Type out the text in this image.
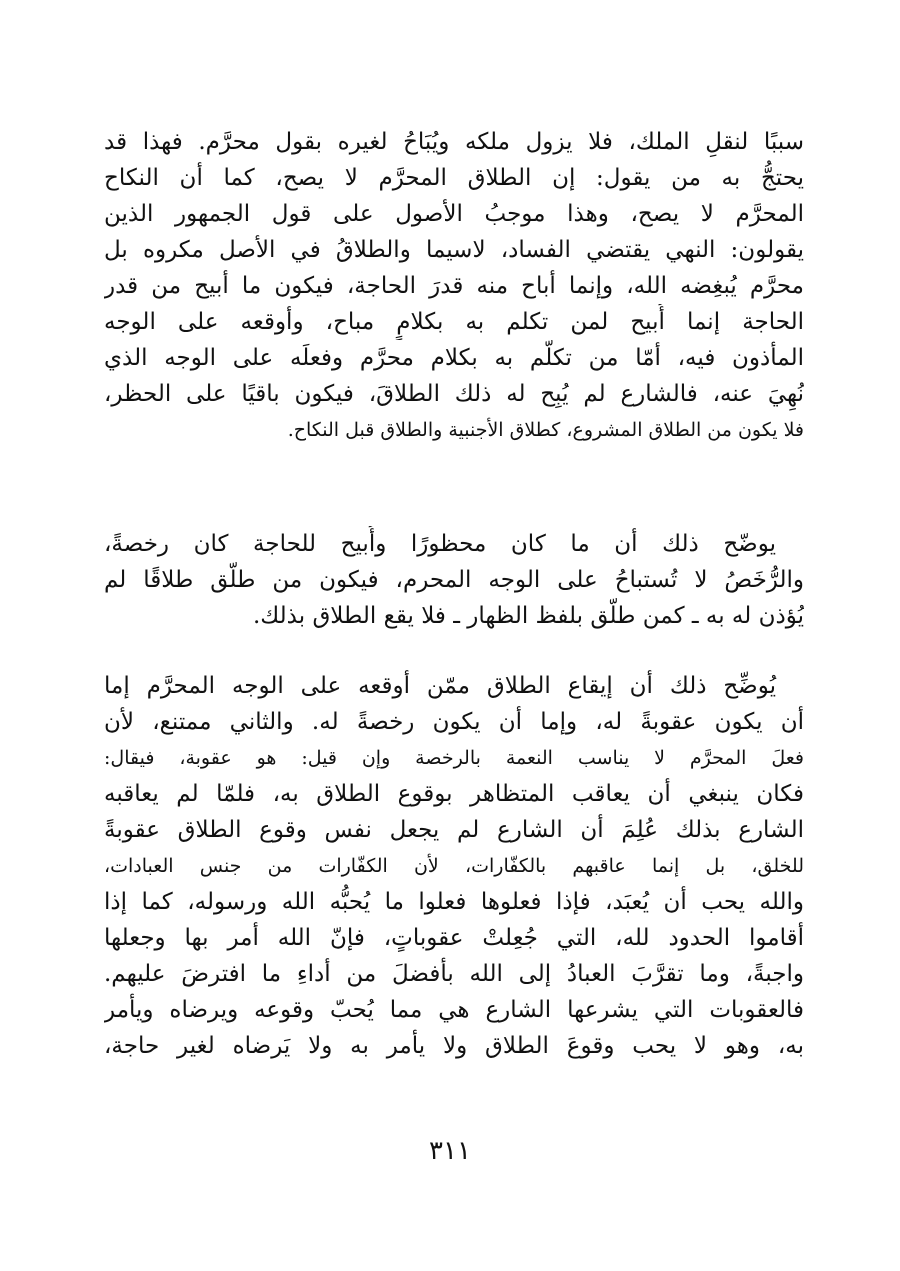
سببًا لنقلِ الملك، فلا يزول ملكه ويُبَاحُ لغيره بقول محرَّم. فهذا قد
يحتجُّ به من يقول: إن الطلاق المحرَّم لا يصح، كما أن النكاح
المحرَّم لا يصح، وهذا موجبُ الأصول على قول الجمهور الذين
يقولون: النهي يقتضي الفساد، لاسيما والطلاقُ في الأصل مكروه بل
محرَّم يُبغِضه الله، وإنما أباح منه قدرَ الحاجة، فيكون ما أبيح من قدر
الحاجة إنما أُبيح لمن تكلم به بكلامٍ مباح، وأوقعه على الوجه
المأذون فيه، أمّا من تكلَّم به بكلام محرَّم وفعلَه على الوجه الذي
نُهِيَ عنه، فالشارع لم يُبِح له ذلك الطلاقَ، فيكون باقيًا على الحظر،
فلا يكون من الطلاق المشروع، كطلاق الأجنبية والطلاق قبل النكاح.
يوضّح ذلك أن ما كان محظورًا وأُبيح للحاجة كان رخصةً،
والرُّخَصُ لا تُستباحُ على الوجه المحرم، فيكون من طلَّق طلاقًا لم
يُؤذن له به ـ كمن طلَّق بلفظ الظهار ـ فلا يقع الطلاق بذلك.
يُوضِّح ذلك أن إيقاع الطلاق ممّن أوقعه على الوجه المحرَّم إما
أن يكون عقوبةً له، وإما أن يكون رخصةً له. والثاني ممتنع، لأن
فعلَ المحرَّم لا يناسب النعمة بالرخصة وإن قيل: هو عقوبة، فيقال:
فكان ينبغي أن يعاقب المتظاهر بوقوع الطلاق به، فلمّا لم يعاقبه
الشارع بذلك عُلِمَ أن الشارع لم يجعل نفس وقوع الطلاق عقوبةً
للخلق، بل إنما عاقبهم بالكفّارات، لأن الكفّارات من جنس العبادات،
والله يحب أن يُعبَد، فإذا فعلوها فعلوا ما يُحبُّه الله ورسوله، كما إذا
أقاموا الحدود لله، التي جُعِلتْ عقوباتٍ، فإنّ الله أمر بها وجعلها
واجبةً، وما تقرَّبَ العبادُ إلى الله بأفضلَ من أداءِ ما افترضَ عليهم.
فالعقوبات التي يشرعها الشارع هي مما يُحبّ وقوعه ويرضاه ويأمر
به، وهو لا يحب وقوعَ الطلاق ولا يأمر به ولا يَرضاه لغير حاجة،
٣١١
